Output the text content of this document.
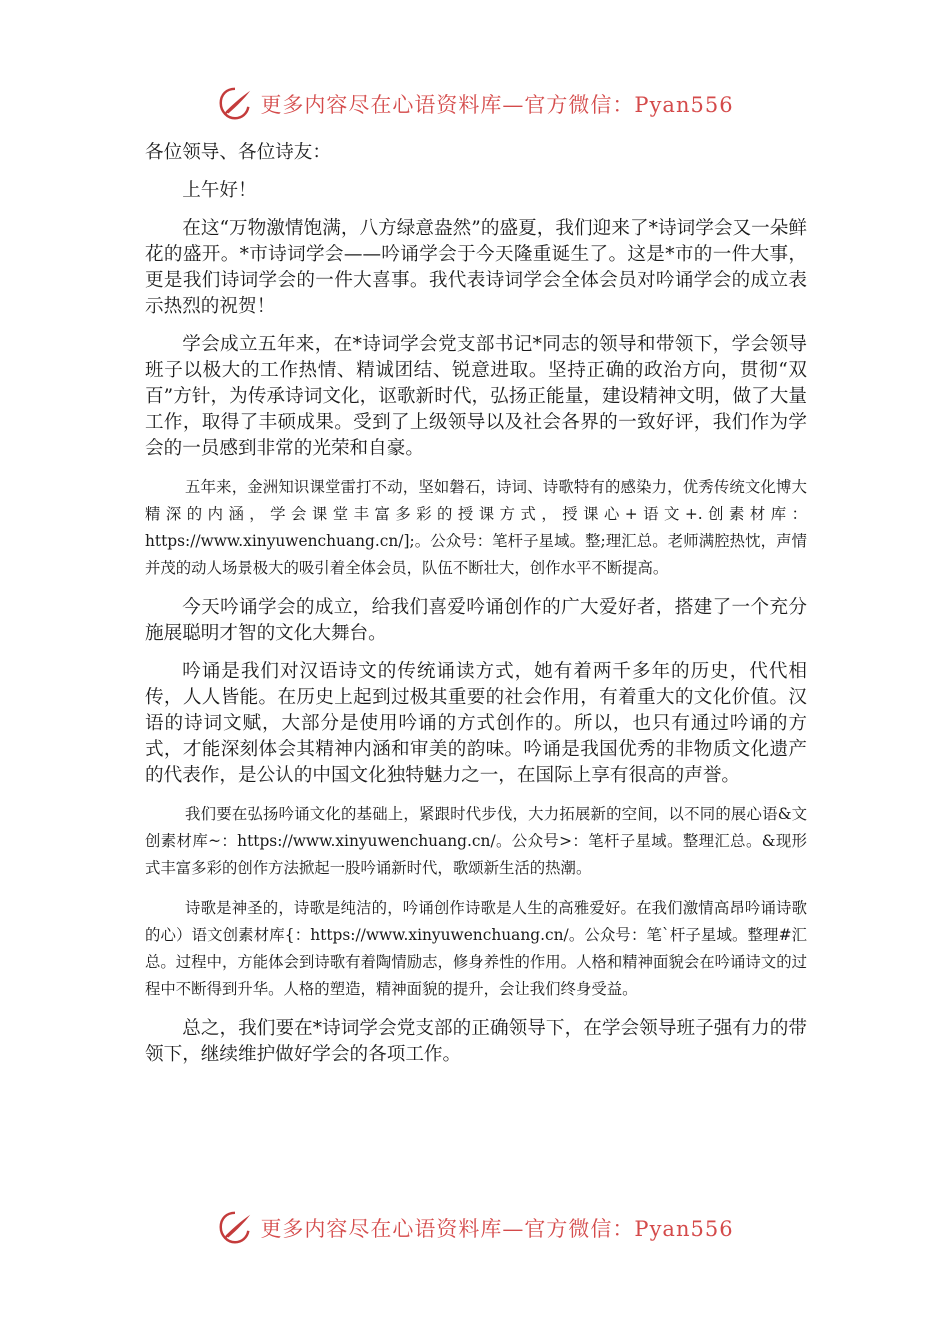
更多内容尽在心语资料库—官方微信：Pyan556

各位领导、各位诗友：

上午好！

在这“万物激情饱满，八方绿意盎然”的盛夏，我们迎来了*诗词学会又一朵鲜花的盛开。*市诗词学会——吟诵学会于今天隆重诞生了。这是*市的一件大事，更是我们诗词学会的一件大喜事。我代表诗词学会全体会员对吟诵学会的成立表示热烈的祝贺！

学会成立五年来，在*诗词学会党支部书记*同志的领导和带领下，学会领导班子以极大的工作热情、精诚团结、锐意进取。坚持正确的政治方向，贯彻“双百”方针，为传承诗词文化，讴歌新时代，弘扬正能量，建设精神文明，做了大量工作，取得了丰硕成果。受到了上级领导以及社会各界的一致好评，我们作为学会的一员感到非常的光荣和自豪。

五年来，金洲知识课堂雷打不动，坚如磐石，诗词、诗歌特有的感染力，优秀传统文化博大精深的内涵，学会课堂丰富多彩的授课方式，授课心+语文+.创素材库：https://www.xinyuwenchuang.cn/];。公众号：笔杆子星域。整;理汇总。老师满腔热忱，声情并茂的动人场景极大的吸引着全体会员，队伍不断壮大，创作水平不断提高。

今天吟诵学会的成立，给我们喜爱吟诵创作的广大爱好者，搭建了一个充分施展聪明才智的文化大舞台。

吟诵是我们对汉语诗文的传统诵读方式，她有着两千多年的历史，代代相传，人人皆能。在历史上起到过极其重要的社会作用，有着重大的文化价值。汉语的诗词文赋，大部分是使用吟诵的方式创作的。所以，也只有通过吟诵的方式，才能深刻体会其精神内涵和审美的韵味。吟诵是我国优秀的非物质文化遗产的代表作，是公认的中国文化独特魅力之一，在国际上享有很高的声誉。

我们要在弘扬吟诵文化的基础上，紧跟时代步伐，大力拓展新的空间，以不同的展心语&文创素材库~：https://www.xinyuwenchuang.cn/。公众号>：笔杆子星域。整理汇总。&现形式丰富多彩的创作方法掀起一股吟诵新时代，歌颂新生活的热潮。

诗歌是神圣的，诗歌是纯洁的，吟诵创作诗歌是人生的高雅爱好。在我们激情高昂吟诵诗歌的心）语文创素材库{：https://www.xinyuwenchuang.cn/。公众号：笔`杆子星域。整理#汇总。过程中，方能体会到诗歌有着陶情励志，修身养性的作用。人格和精神面貌会在吟诵诗文的过程中不断得到升华。人格的塑造，精神面貌的提升，会让我们终身受益。

总之，我们要在*诗词学会党支部的正确领导下，在学会领导班子强有力的带领下，继续维护做好学会的各项工作。

更多内容尽在心语资料库—官方微信：Pyan556
